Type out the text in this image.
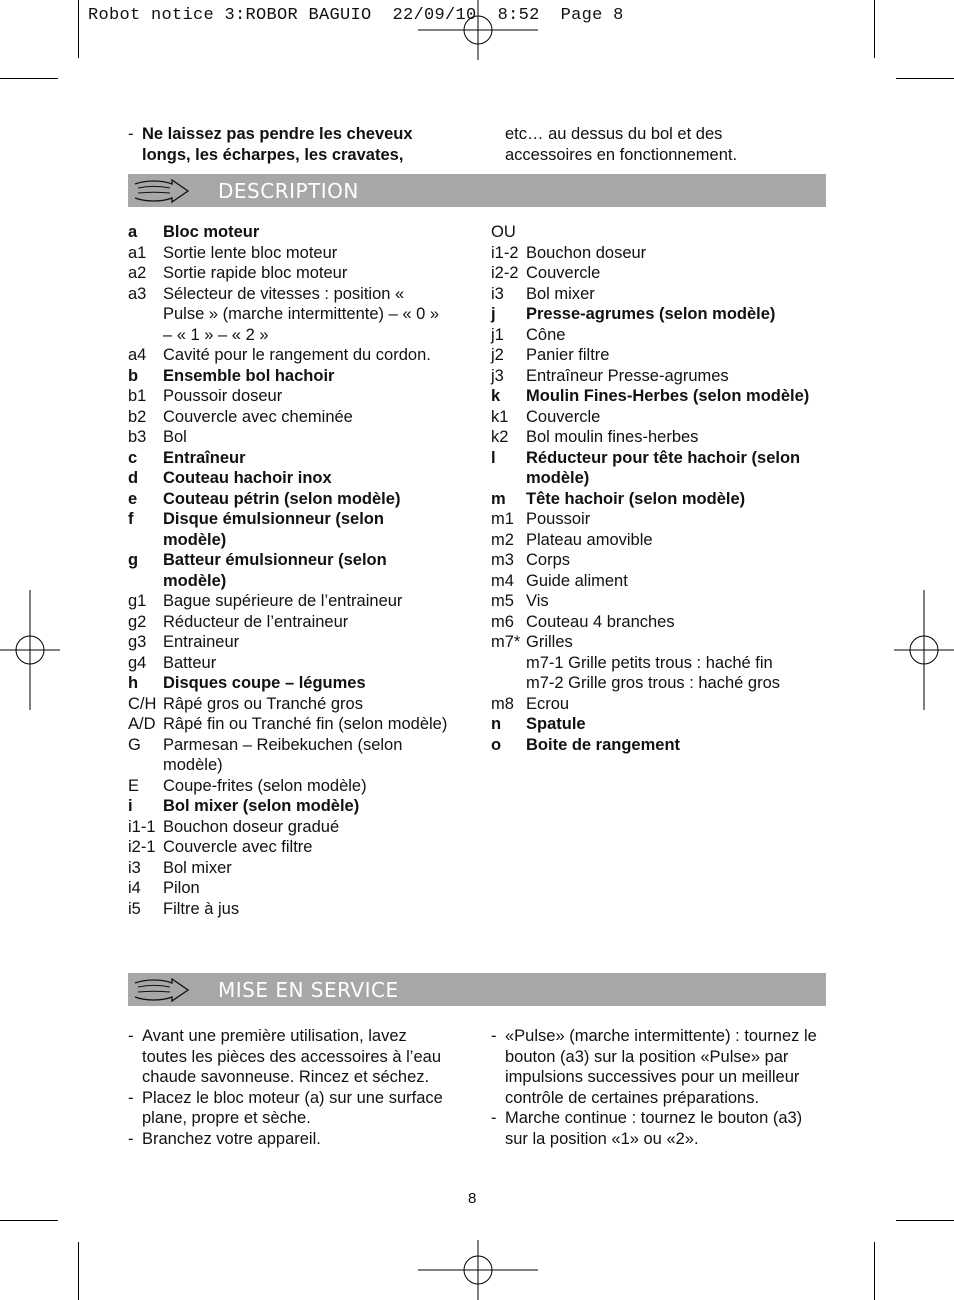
Robot notice 3:ROBOR BAGUIO  22/09/10  8:52  Page 8
- Ne laissez pas pendre les cheveux longs, les écharpes, les cravates,
etc… au dessus du bol et des accessoires en fonctionnement.
DESCRIPTION
a	Bloc moteur
a1	Sortie lente bloc moteur
a2	Sortie rapide bloc moteur
a3	Sélecteur de vitesses : position « Pulse » (marche intermittente) – « 0 » – « 1 » – « 2 »
a4	Cavité pour le rangement du cordon.
b	Ensemble bol hachoir
b1	Poussoir doseur
b2	Couvercle avec cheminée
b3	Bol
c	Entraîneur
d	Couteau hachoir inox
e	Couteau pétrin (selon modèle)
f	Disque émulsionneur (selon modèle)
g	Batteur émulsionneur (selon modèle)
g1	Bague supérieure de l’entraineur
g2	Réducteur de l’entraineur
g3	Entraineur
g4	Batteur
h	Disques coupe – légumes
C/H Râpé gros ou Tranché gros
A/D Râpé fin ou Tranché fin (selon modèle)
G	Parmesan – Reibekuchen (selon modèle)
E	Coupe-frites (selon modèle)
i	Bol mixer (selon modèle)
i1-1 Bouchon doseur gradué
i2-1 Couvercle avec filtre
i3	Bol mixer
i4	Pilon
i5	Filtre à jus
OU
i1-2 Bouchon doseur
i2-2 Couvercle
i3	Bol mixer
j	Presse-agrumes (selon modèle)
j1	Cône
j2	Panier filtre
j3	Entraîneur Presse-agrumes
k	Moulin Fines-Herbes (selon modèle)
k1	Couvercle
k2	Bol moulin fines-herbes
l	Réducteur pour tête hachoir (selon modèle)
m	Tête hachoir (selon modèle)
m1 Poussoir
m2 Plateau amovible
m3 Corps
m4 Guide aliment
m5 Vis
m6 Couteau 4 branches
m7* Grilles
m7-1 Grille petits trous : haché fin
m7-2 Grille gros trous : haché gros
m8 Ecrou
n	Spatule
o	Boite de rangement
MISE EN SERVICE
- Avant une première utilisation, lavez toutes les pièces des accessoires à l’eau chaude savonneuse. Rincez et séchez.
- Placez le bloc moteur (a) sur une surface plane, propre et sèche.
- Branchez votre appareil.
- «Pulse» (marche intermittente) : tournez le bouton (a3) sur la position «Pulse» par impulsions successives pour un meilleur contrôle de certaines préparations.
- Marche continue : tournez le bouton (a3) sur la position «1» ou «2».
8
